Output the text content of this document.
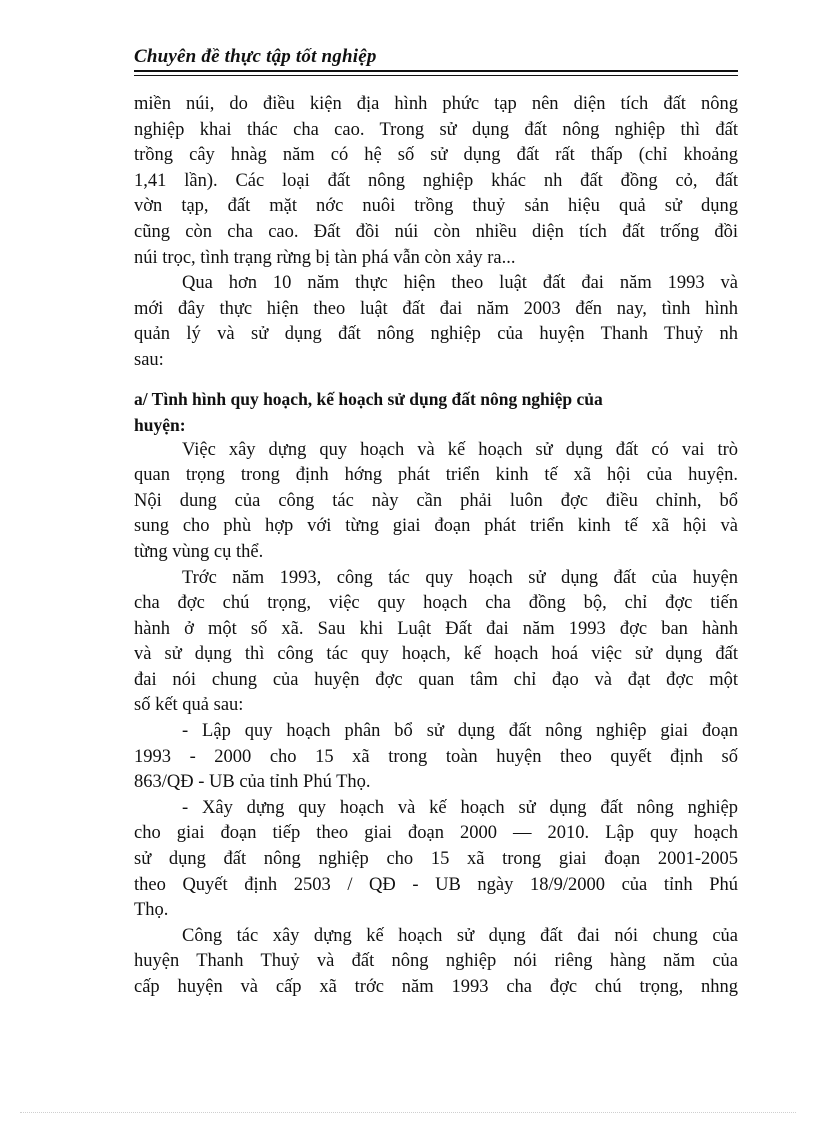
Chuyên đề thực tập tốt nghiệp
miền núi, do điều kiện địa hình phức tạp nên diện tích đất nông
nghiệp khai thác cha cao. Trong sử dụng đất nông nghiệp thì đất
trồng cây hnàg năm có hệ số sử dụng đất rất thấp (chỉ khoảng
1,41 lần). Các loại đất nông nghiệp khác nh đất đồng cỏ, đất
vờn tạp, đất mặt nớc nuôi trồng thuỷ sản hiệu quả sử dụng
cũng còn cha cao. Đất đồi núi còn nhiều diện tích đất trống đồi
núi trọc, tình trạng rừng bị tàn phá vẫn còn xảy ra...
Qua hơn 10 năm thực hiện theo luật đất đai năm 1993 và
mới đây thực hiện theo luật đất đai năm 2003 đến nay, tình hình
quản lý và sử dụng đất nông nghiệp của huyện Thanh Thuỷ nh
sau:
a/ Tình hình quy hoạch, kế hoạch sử dụng đất nông nghiệp của
huyện:
Việc xây dựng quy hoạch và kế hoạch sử dụng đất có vai trò
quan trọng trong định hớng phát triển kinh tế xã hội của huyện.
Nội dung của công tác này cần phải luôn đợc điều chỉnh, bổ
sung cho phù hợp với từng giai đoạn phát triển kinh tế xã hội và
từng vùng cụ thể.
Trớc năm 1993, công tác quy hoạch sử dụng đất của huyện
cha đợc chú trọng, việc quy hoạch cha đồng bộ, chỉ đợc tiến
hành ở một số xã. Sau khi Luật Đất đai năm 1993 đợc ban hành
và sử dụng thì công tác quy hoạch, kế hoạch hoá việc sử dụng đất
đai nói chung của huyện đợc quan tâm chỉ đạo và đạt đợc một
số kết quả sau:
- Lập quy hoạch phân bổ sử dụng đất nông nghiệp giai đoạn
1993 - 2000 cho 15 xã trong toàn huyện theo quyết định số
863/QĐ - UB của tỉnh Phú Thọ.
- Xây dựng quy hoạch và kế hoạch sử dụng đất nông nghiệp
cho giai đoạn tiếp theo giai đoạn 2000 — 2010. Lập quy hoạch
sử dụng đất nông nghiệp cho 15 xã trong giai đoạn 2001-2005
theo Quyết định 2503 / QĐ - UB ngày 18/9/2000 của tỉnh Phú
Thọ.
Công tác xây dựng kế hoạch sử dụng đất đai nói chung của
huyện Thanh Thuỷ và đất nông nghiệp nói riêng hàng năm của
cấp huyện và cấp xã trớc năm 1993 cha đợc chú trọng, nhng
